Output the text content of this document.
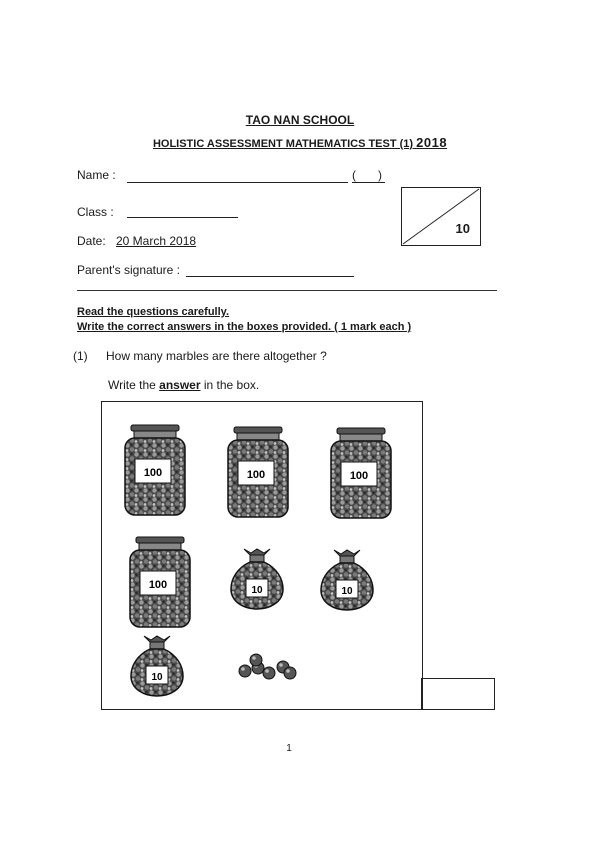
TAO NAN SCHOOL
HOLISTIC ASSESSMENT MATHEMATICS TEST (1) 2018
Name :	( )
Class :
Date: 20 March 2018
Parent's signature :
10
Read the questions carefully.
Write the correct answers in the boxes provided. ( 1 mark each )
(1) How many marbles are there altogether ?
Write the answer in the box.
100	100	100
100	10	10
10
1
